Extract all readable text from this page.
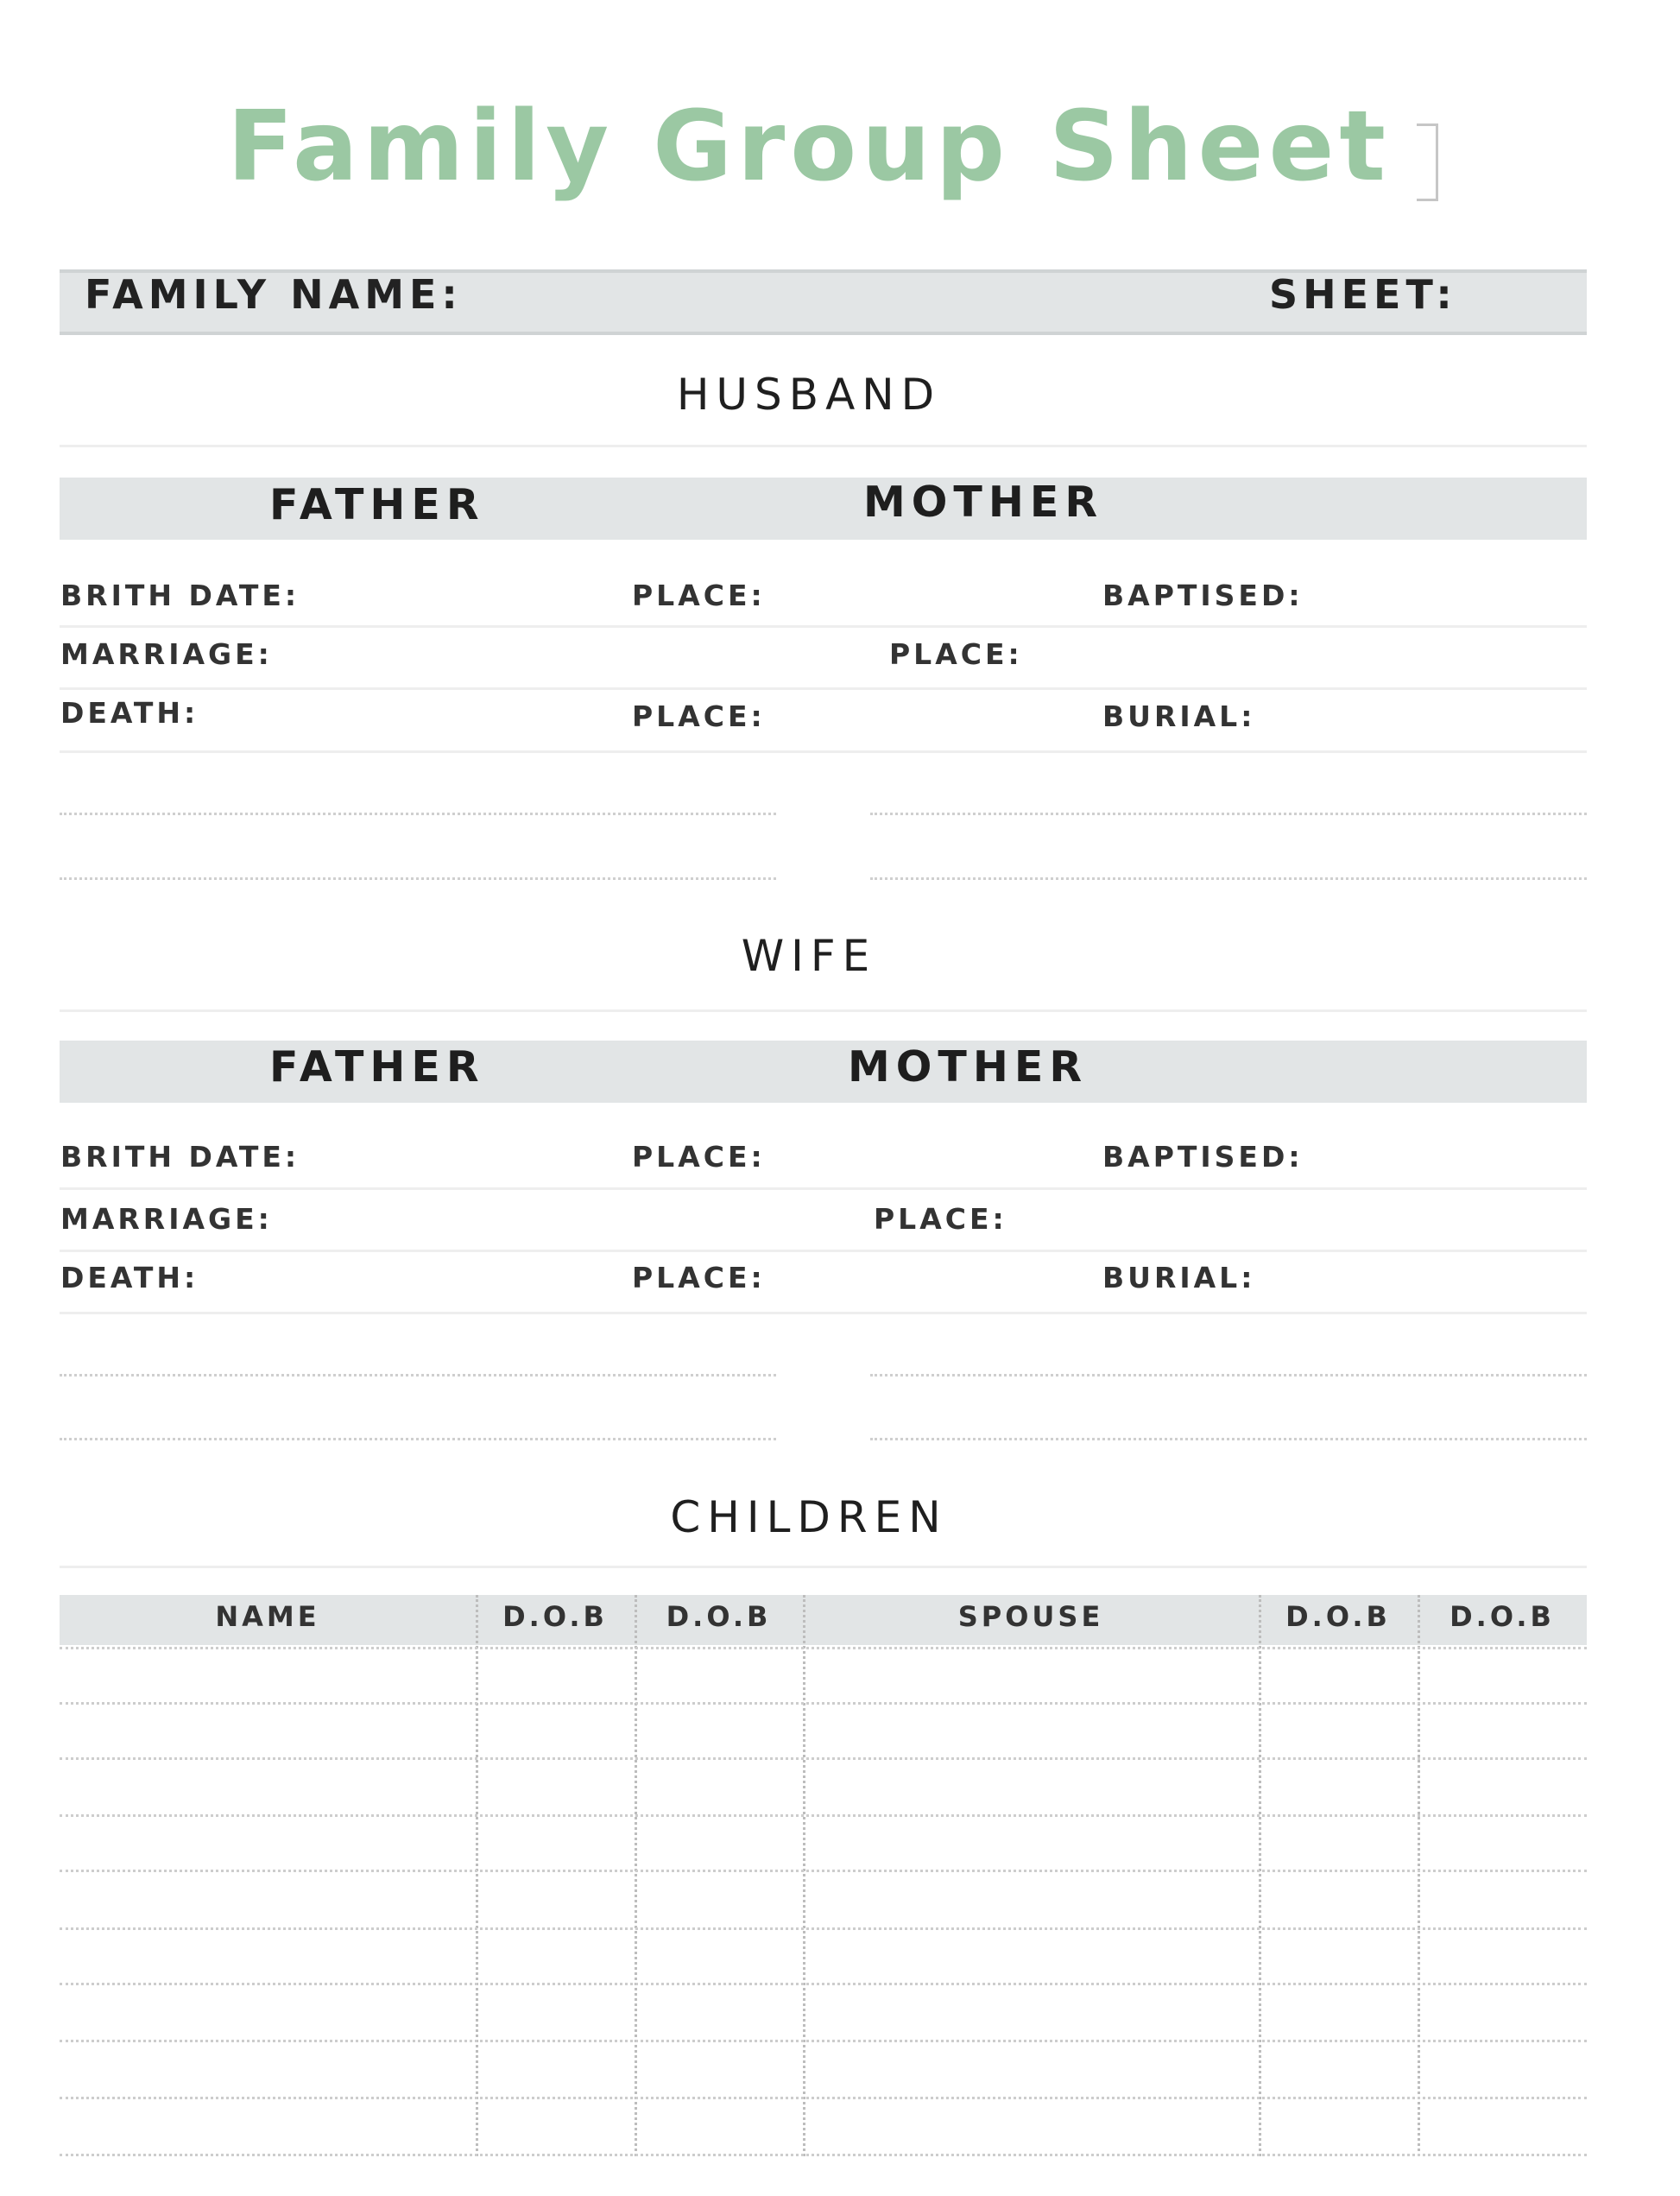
Family Group Sheet
FAMILY NAME:	SHEET:
HUSBAND
FATHER	MOTHER
BRITH DATE:	PLACE:	BAPTISED:
MARRIAGE:	PLACE:
DEATH:	PLACE:	BURIAL:
WIFE
FATHER	MOTHER
BRITH DATE:	PLACE:	BAPTISED:
MARRIAGE:	PLACE:
DEATH:	PLACE:	BURIAL:
CHILDREN
NAME	D.O.B	D.O.B	SPOUSE	D.O.B	D.O.B
